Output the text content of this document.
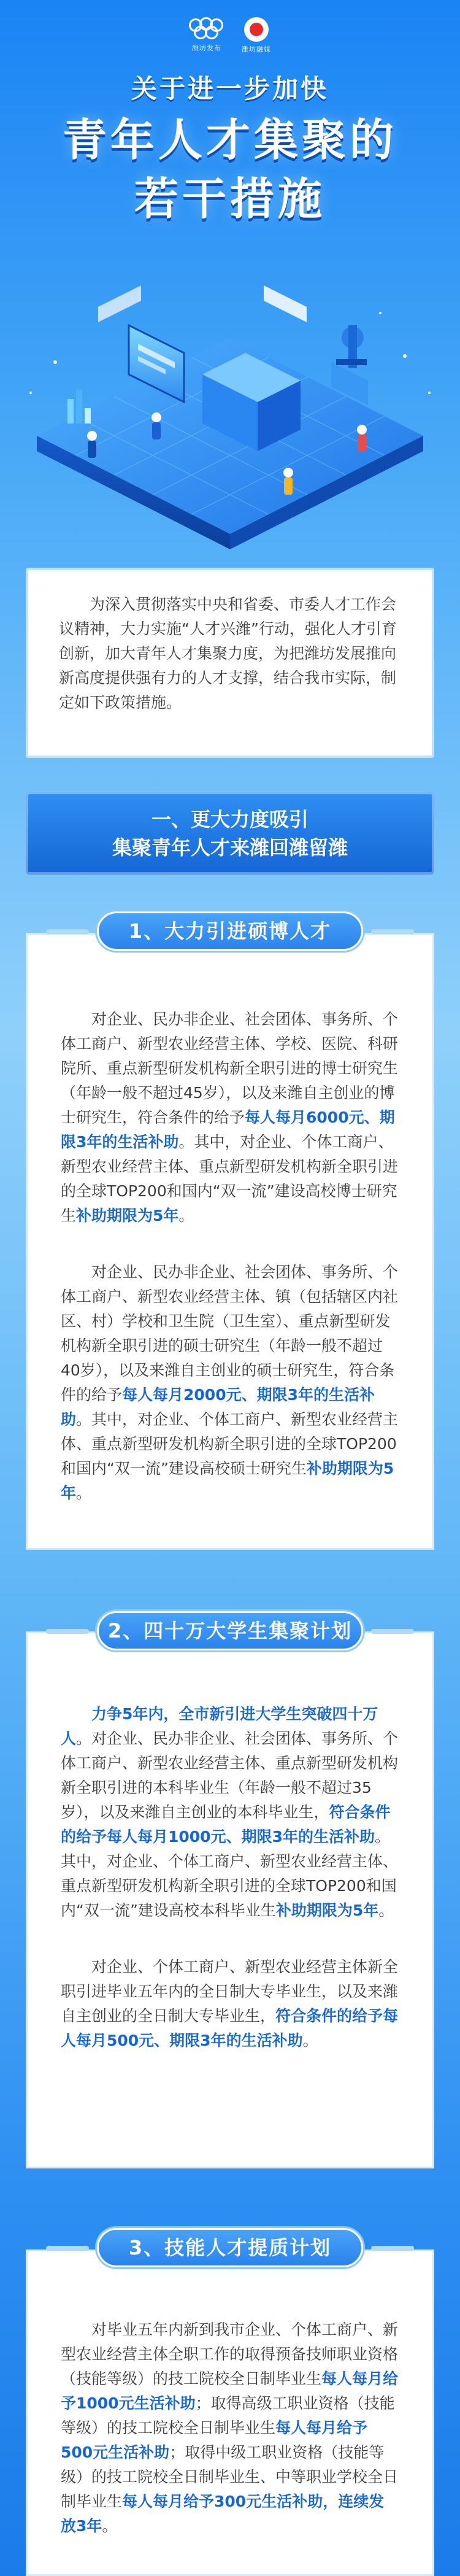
潍坊发布	潍坊融媒
关于进一步加快
青年人才集聚的
若干措施

为深入贯彻落实中央和省委、市委人才工作会议精神，大力实施“人才兴潍”行动，强化人才引育创新，加大青年人才集聚力度，为把潍坊发展推向新高度提供强有力的人才支撑，结合我市实际，制定如下政策措施。

一、更大力度吸引
集聚青年人才来潍回潍留潍

对企业、民办非企业、社会团体、事务所、个体工商户、新型农业经营主体、学校、医院、科研院所、重点新型研发机构新全职引进的博士研究生（年龄一般不超过45岁），以及来潍自主创业的博士研究生，符合条件的给予每人每月6000元、期限3年的生活补助。其中，对企业、个体工商户、新型农业经营主体、重点新型研发机构新全职引进的全球TOP200和国内“双一流”建设高校博士研究生补助期限为5年。

对企业、民办非企业、社会团体、事务所、个体工商户、新型农业经营主体、镇（包括辖区内社区、村）学校和卫生院（卫生室）、重点新型研发机构新全职引进的硕士研究生（年龄一般不超过40岁），以及来潍自主创业的硕士研究生，符合条件的给予每人每月2000元、期限3年的生活补助。其中，对企业、个体工商户、新型农业经营主体、重点新型研发机构新全职引进的全球TOP200和国内“双一流”建设高校硕士研究生补助期限为5年。

1、大力引进硕博人才

力争5年内，全市新引进大学生突破四十万人。对企业、民办非企业、社会团体、事务所、个体工商户、新型农业经营主体、重点新型研发机构新全职引进的本科毕业生（年龄一般不超过35岁），以及来潍自主创业的本科毕业生，符合条件的给予每人每月1000元、期限3年的生活补助。其中，对企业、个体工商户、新型农业经营主体、重点新型研发机构新全职引进的全球TOP200和国内“双一流”建设高校本科毕业生补助期限为5年。

对企业、个体工商户、新型农业经营主体新全职引进毕业五年内的全日制大专毕业生，以及来潍自主创业的全日制大专毕业生，符合条件的给予每人每月500元、期限3年的生活补助。

2、四十万大学生集聚计划

对毕业五年内新到我市企业、个体工商户、新型农业经营主体全职工作的取得预备技师职业资格（技能等级）的技工院校全日制毕业生每人每月给予1000元生活补助；取得高级工职业资格（技能等级）的技工院校全日制毕业生每人每月给予500元生活补助；取得中级工职业资格（技能等级）的技工院校全日制毕业生、中等职业学校全日制毕业生每人每月给予300元生活补助，连续发放3年。

3、技能人才提质计划
